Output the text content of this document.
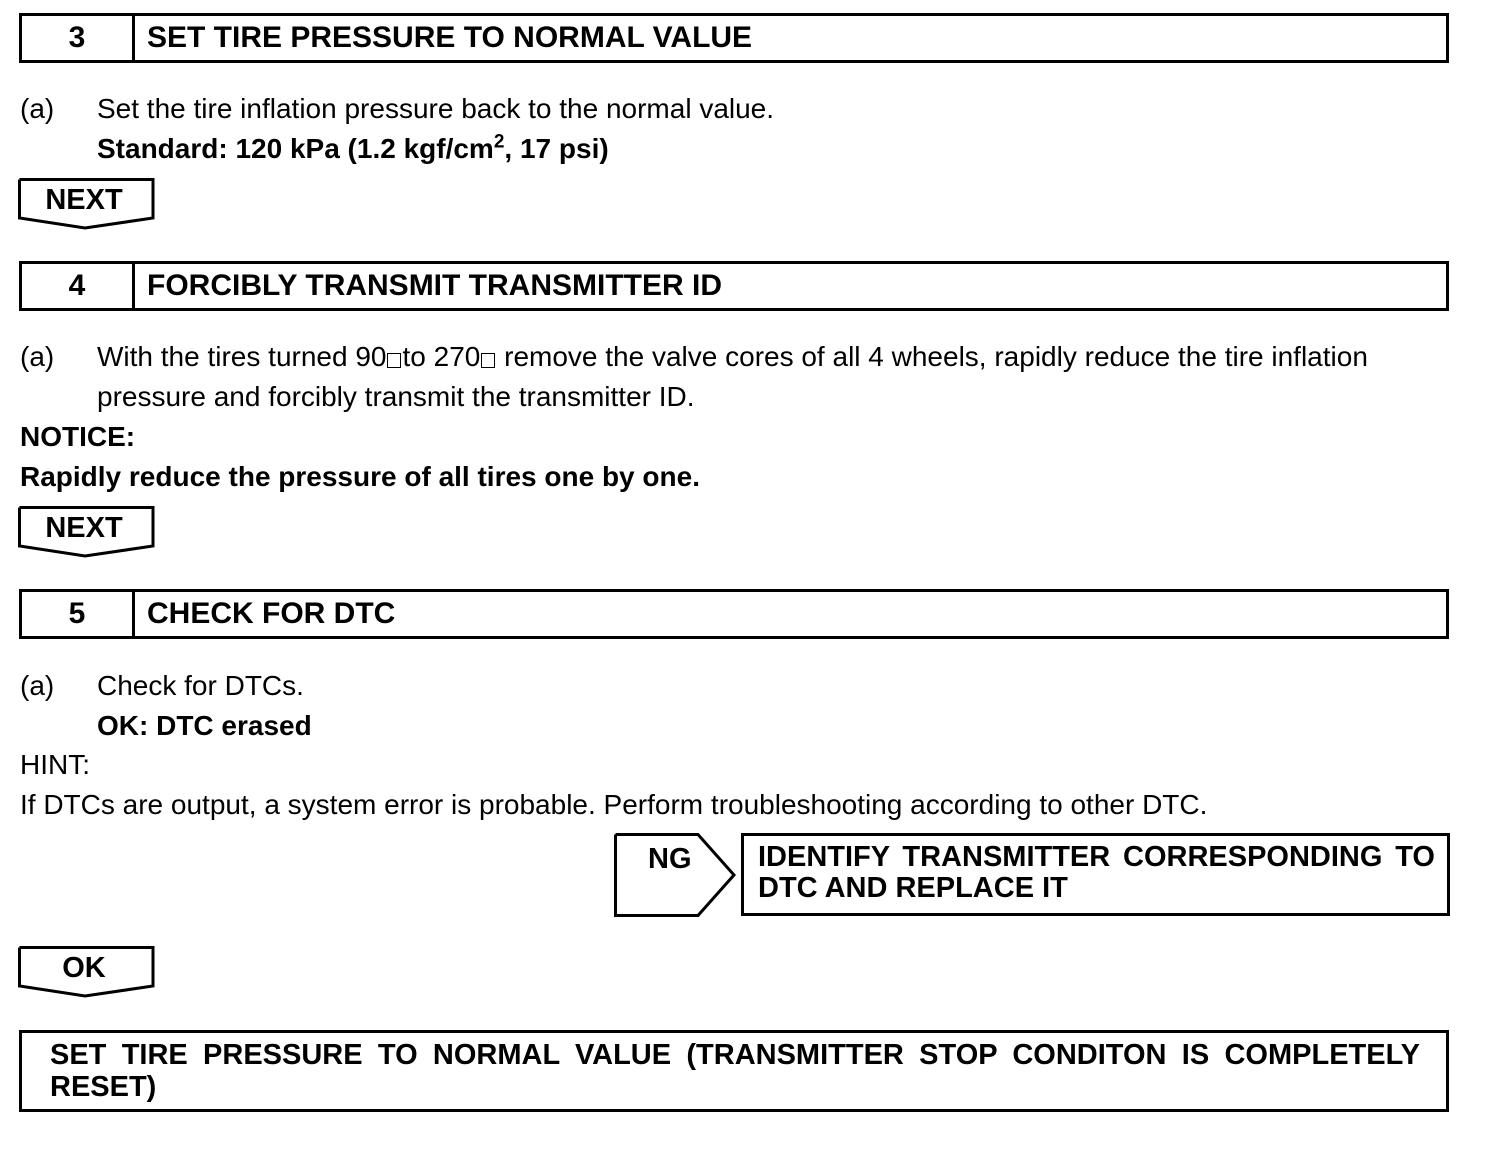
3	SET TIRE PRESSURE TO NORMAL VALUE
(a) Set the tire inflation pressure back to the normal value.
Standard: 120 kPa (1.2 kgf/$cm^2$, 17 psi)
NEXT
4	FORCIBLY TRANSMIT TRANSMITTER ID
(a) With the tires turned 90 to 270 remove the valve cores of all 4 wheels, rapidly reduce the tire inflation
pressure and forcibly transmit the transmitter ID.
NOTICE:
Rapidly reduce the pressure of all tires one by one.
NEXT
5	CHECK FOR DTC
(a) Check for DTCs.
OK: DTC erased
HINT:
If DTCs are output, a system error is probable. Perform troubleshooting according to other DTC.
NG	IDENTIFY TRANSMITTER CORRESPONDING TO DTC AND REPLACE IT
OK
SET TIRE PRESSURE TO NORMAL VALUE (TRANSMITTER STOP CONDITON IS COMPLETELY RESET)
